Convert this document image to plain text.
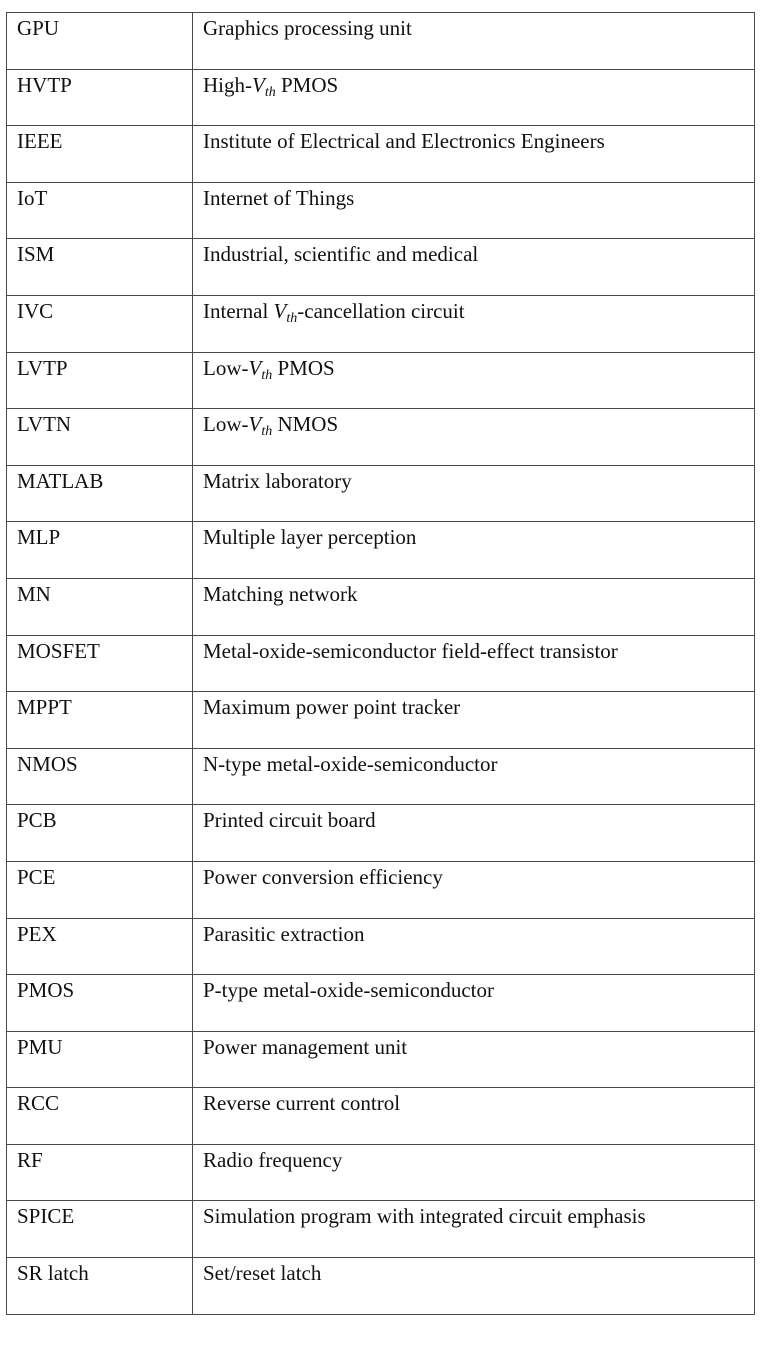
GPU	Graphics processing unit
HVTP	High-$V_{th}$ PMOS
IEEE	Institute of Electrical and Electronics Engineers
IoT	Internet of Things
ISM	Industrial, scientific and medical
IVC	Internal $V_{th}$-cancellation circuit
LVTP	Low-$V_{th}$ PMOS
LVTN	Low-$V_{th}$ NMOS
MATLAB	Matrix laboratory
MLP	Multiple layer perception
MN	Matching network
MOSFET	Metal-oxide-semiconductor field-effect transistor
MPPT	Maximum power point tracker
NMOS	N-type metal-oxide-semiconductor
PCB	Printed circuit board
PCE	Power conversion efficiency
PEX	Parasitic extraction
PMOS	P-type metal-oxide-semiconductor
PMU	Power management unit
RCC	Reverse current control
RF	Radio frequency
SPICE	Simulation program with integrated circuit emphasis
SR latch	Set/reset latch
